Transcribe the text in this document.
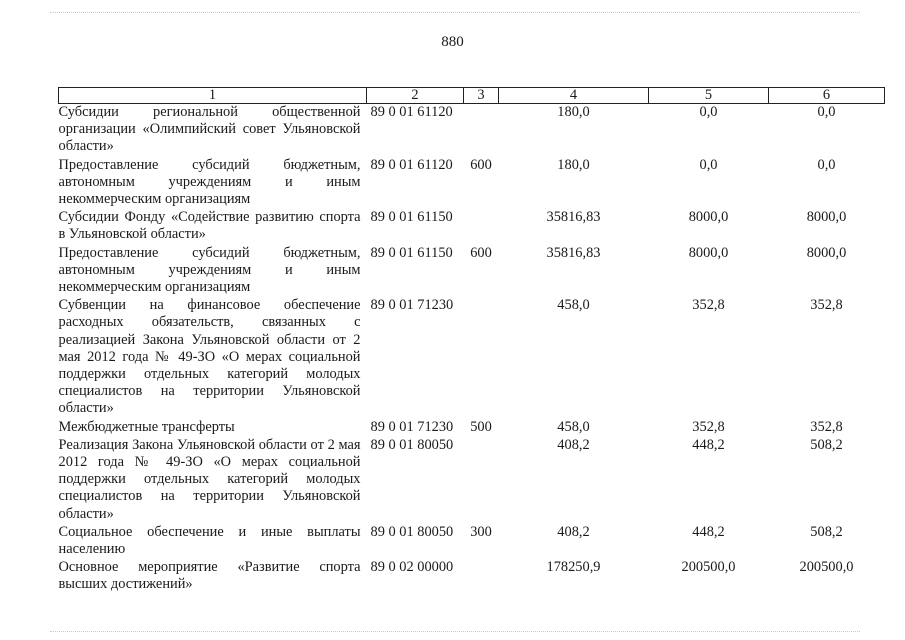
880
1	2	3	4	5	6
Субсидии региональной общественной организации «Олимпийский совет Ульяновской области»	89 0 01 61120		180,0	0,0	0,0
Предоставление субсидий бюджетным, автономным учреждениям и иным некоммерческим организациям	89 0 01 61120	600	180,0	0,0	0,0
Субсидии Фонду «Содействие развитию спорта в Ульяновской области»	89 0 01 61150		35816,83	8000,0	8000,0
Предоставление субсидий бюджетным, автономным учреждениям и иным некоммерческим организациям	89 0 01 61150	600	35816,83	8000,0	8000,0
Субвенции на финансовое обеспечение расходных обязательств, связанных с реализацией Закона Ульяновской области от 2 мая 2012 года № 49-ЗО «О мерах социальной поддержки отдельных категорий молодых специалистов на территории Ульяновской области»	89 0 01 71230		458,0	352,8	352,8
Межбюджетные трансферты	89 0 01 71230	500	458,0	352,8	352,8
Реализация Закона Ульяновской области от 2 мая 2012 года № 49-ЗО «О мерах социальной поддержки отдельных категорий молодых специалистов на территории Ульяновской области»	89 0 01 80050		408,2	448,2	508,2
Социальное обеспечение и иные выплаты населению	89 0 01 80050	300	408,2	448,2	508,2
Основное мероприятие «Развитие спорта высших достижений»	89 0 02 00000		178250,9	200500,0	200500,0
